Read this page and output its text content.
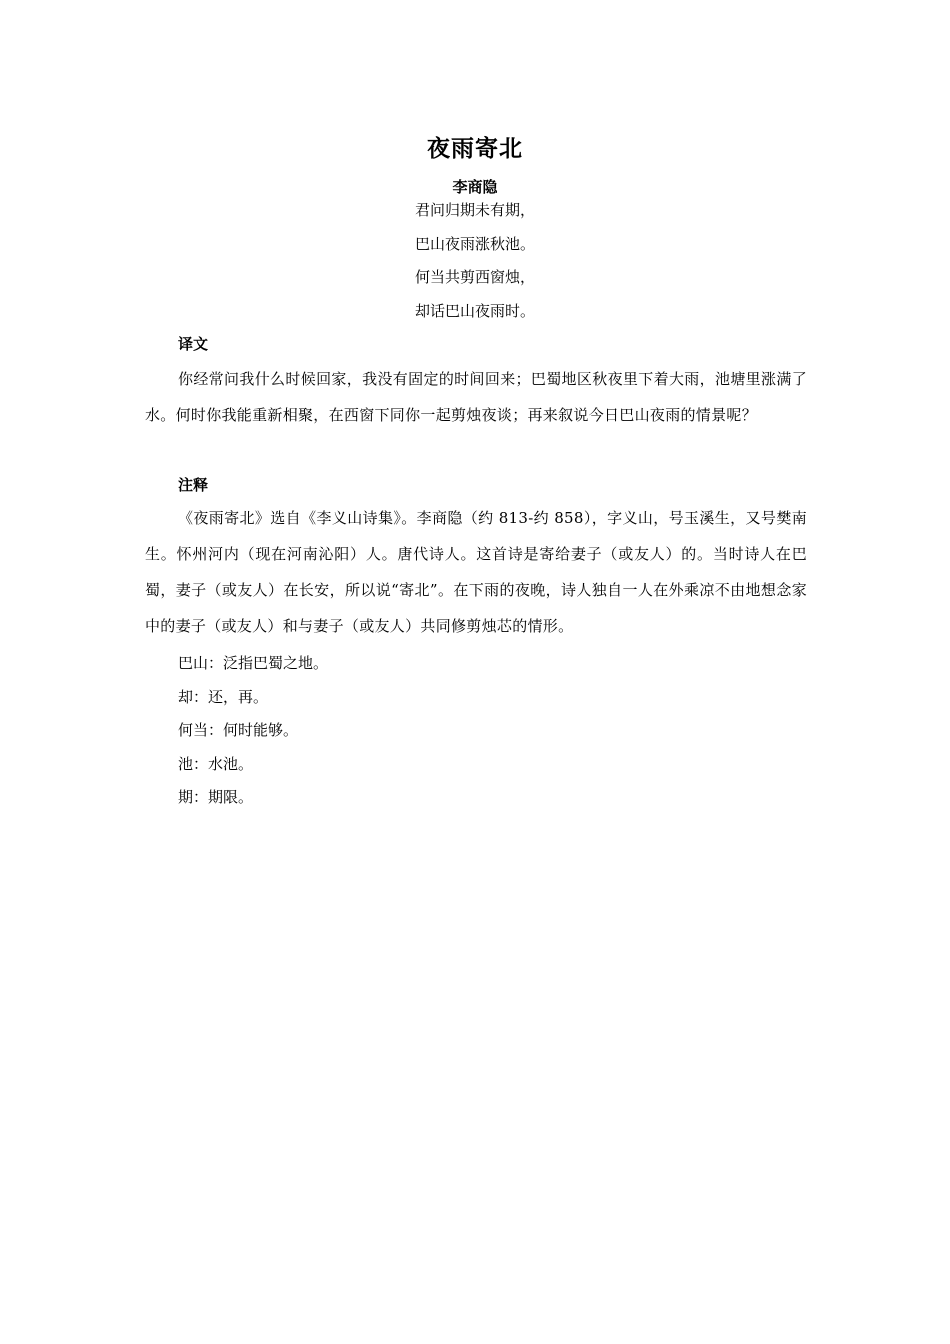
夜雨寄北
李商隐
君问归期未有期，
巴山夜雨涨秋池。
何当共剪西窗烛，
却话巴山夜雨时。
译文
你经常问我什么时候回家，我没有固定的时间回来；巴蜀地区秋夜里下着大雨，池塘里涨满了水。何时你我能重新相聚，在西窗下同你一起剪烛夜谈；再来叙说今日巴山夜雨的情景呢？
注释
《夜雨寄北》选自《李义山诗集》。李商隐（约 813-约 858），字义山，号玉溪生，又号樊南生。怀州河内（现在河南沁阳）人。唐代诗人。这首诗是寄给妻子（或友人）的。当时诗人在巴蜀，妻子（或友人）在长安，所以说“寄北”。在下雨的夜晚，诗人独自一人在外乘凉不由地想念家中的妻子（或友人）和与妻子（或友人）共同修剪烛芯的情形。
巴山：泛指巴蜀之地。
却：还，再。
何当：何时能够。
池：水池。
期：期限。
